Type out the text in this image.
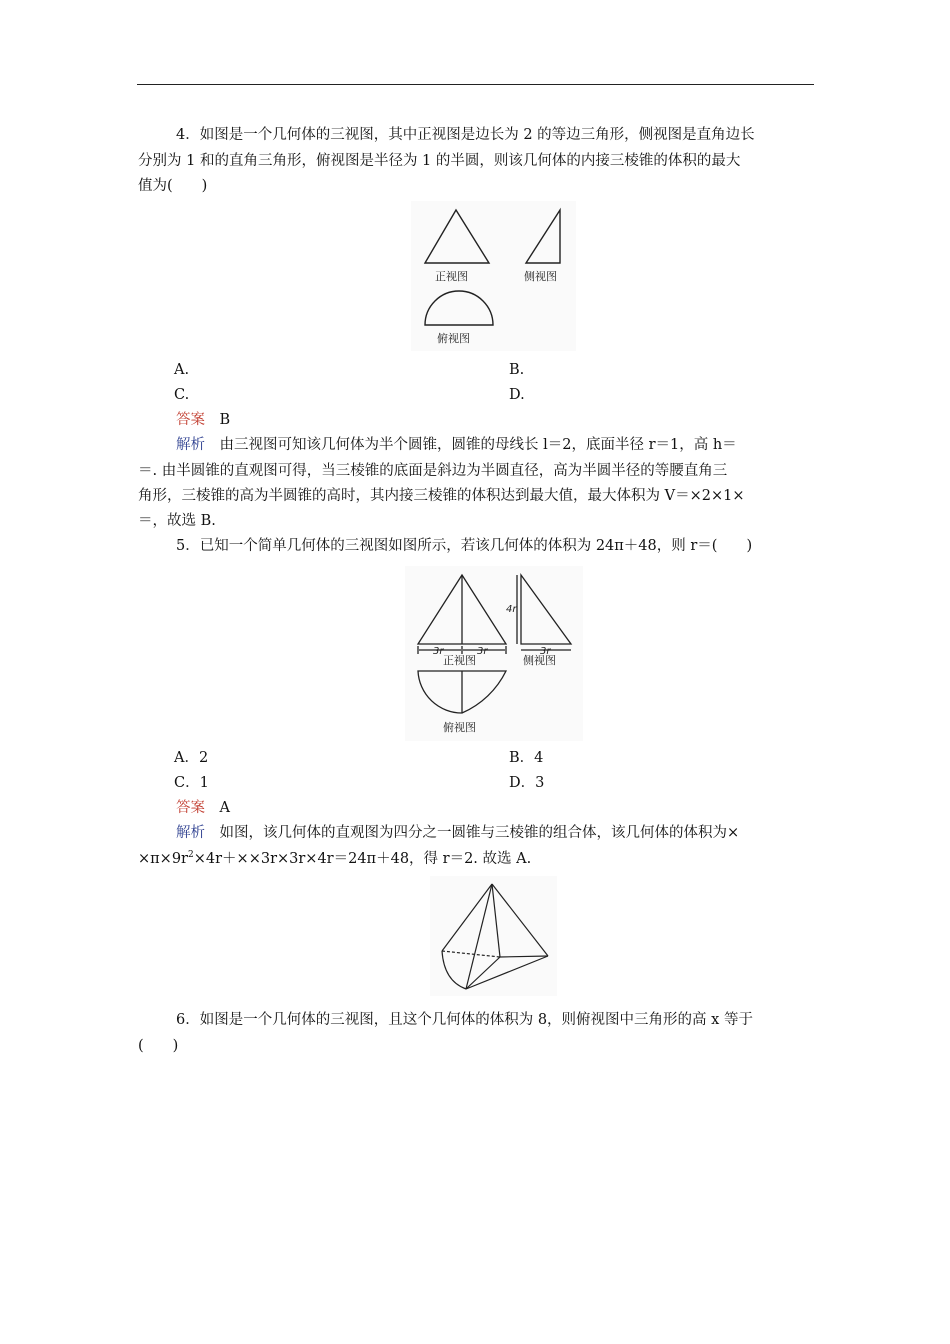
4．如图是一个几何体的三视图，其中正视图是边长为 2 的等边三角形，侧视图是直角边长
分别为 1 和的直角三角形，俯视图是半径为 1 的半圆，则该几何体的内接三棱锥的体积的最大
值为(　　)
正视图	侧视图
俯视图
A.	B.
C.	D.
答案　 B
解析　 由三视图可知该几何体为半个圆锥，圆锥的母线长 l＝2，底面半径 r＝1，高 h＝
＝. 由半圆锥的直观图可得，当三棱锥的底面是斜边为半圆直径，高为半圆半径的等腰直角三
角形，三棱锥的高为半圆锥的高时，其内接三棱锥的体积达到最大值，最大体积为 V＝×2×1×
＝，故选 B.
5．已知一个简单几何体的三视图如图所示，若该几何体的体积为 24π＋48，则 r＝(　　)
3r	3r
4r
3r
正视图	侧视图
俯视图
A．2	B．4
C．1	D．3
答案　 A
解析　 如图，该几何体的直观图为四分之一圆锥与三棱锥的组合体，该几何体的体积为×
$\times\pi\times 9r^2\times 4r+\times\times 3r\times 3r\times 4r=24\pi+48$，得 r＝2. 故选 A.
6．如图是一个几何体的三视图，且这个几何体的体积为 8，则俯视图中三角形的高 x 等于
(　　)
